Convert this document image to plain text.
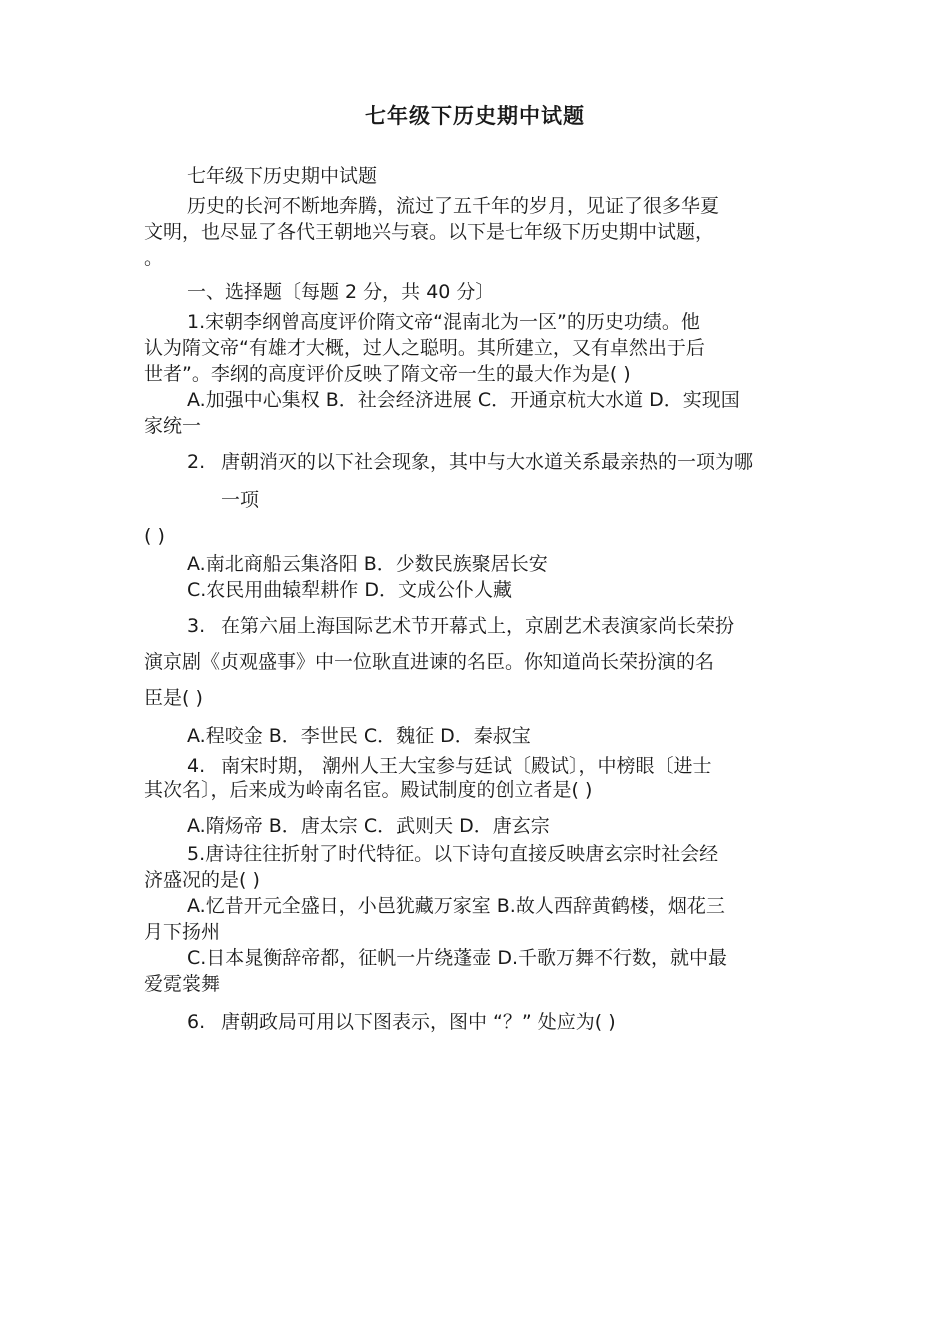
七年级下历史期中试题
七年级下历史期中试题
历史的长河不断地奔腾，流过了五千年的岁月，见证了很多华夏
文明，也尽显了各代王朝地兴与衰。以下是七年级下历史期中试题，
。
一、选择题〔每题 2 分，共 40 分〕
1.宋朝李纲曾高度评价隋文帝“混南北为一区”的历史功绩。他
认为隋文帝“有雄才大概，过人之聪明。其所建立，又有卓然出于后
世者”。李纲的高度评价反映了隋文帝一生的最大作为是( )
A.加强中心集权 B．社会经济进展 C．开通京杭大水道 D．实现国
家统一
2. 唐朝消灭的以下社会现象，其中与大水道关系最亲热的一项为哪
一项
( )
A.南北商船云集洛阳 B．少数民族聚居长安
C.农民用曲辕犁耕作 D．文成公仆人藏
3. 在第六届上海国际艺术节开幕式上，京剧艺术表演家尚长荣扮
演京剧《贞观盛事》中一位耿直进谏的名臣。你知道尚长荣扮演的名
臣是( )
A.程咬金 B．李世民 C．魏征 D．秦叔宝
4. 南宋时期， 潮州人王大宝参与廷试〔殿试〕，中榜眼〔进士
其次名〕，后来成为岭南名宦。殿试制度的创立者是( )
A.隋炀帝 B．唐太宗 C．武则天 D．唐玄宗
5.唐诗往往折射了时代特征。以下诗句直接反映唐玄宗时社会经
济盛况的是( )
A.忆昔开元全盛日，小邑犹藏万家室 B.故人西辞黄鹤楼，烟花三
月下扬州
C.日本晁衡辞帝都，征帆一片绕蓬壶 D.千歌万舞不行数，就中最
爱霓裳舞
6. 唐朝政局可用以下图表示，图中 “？” 处应为( )
